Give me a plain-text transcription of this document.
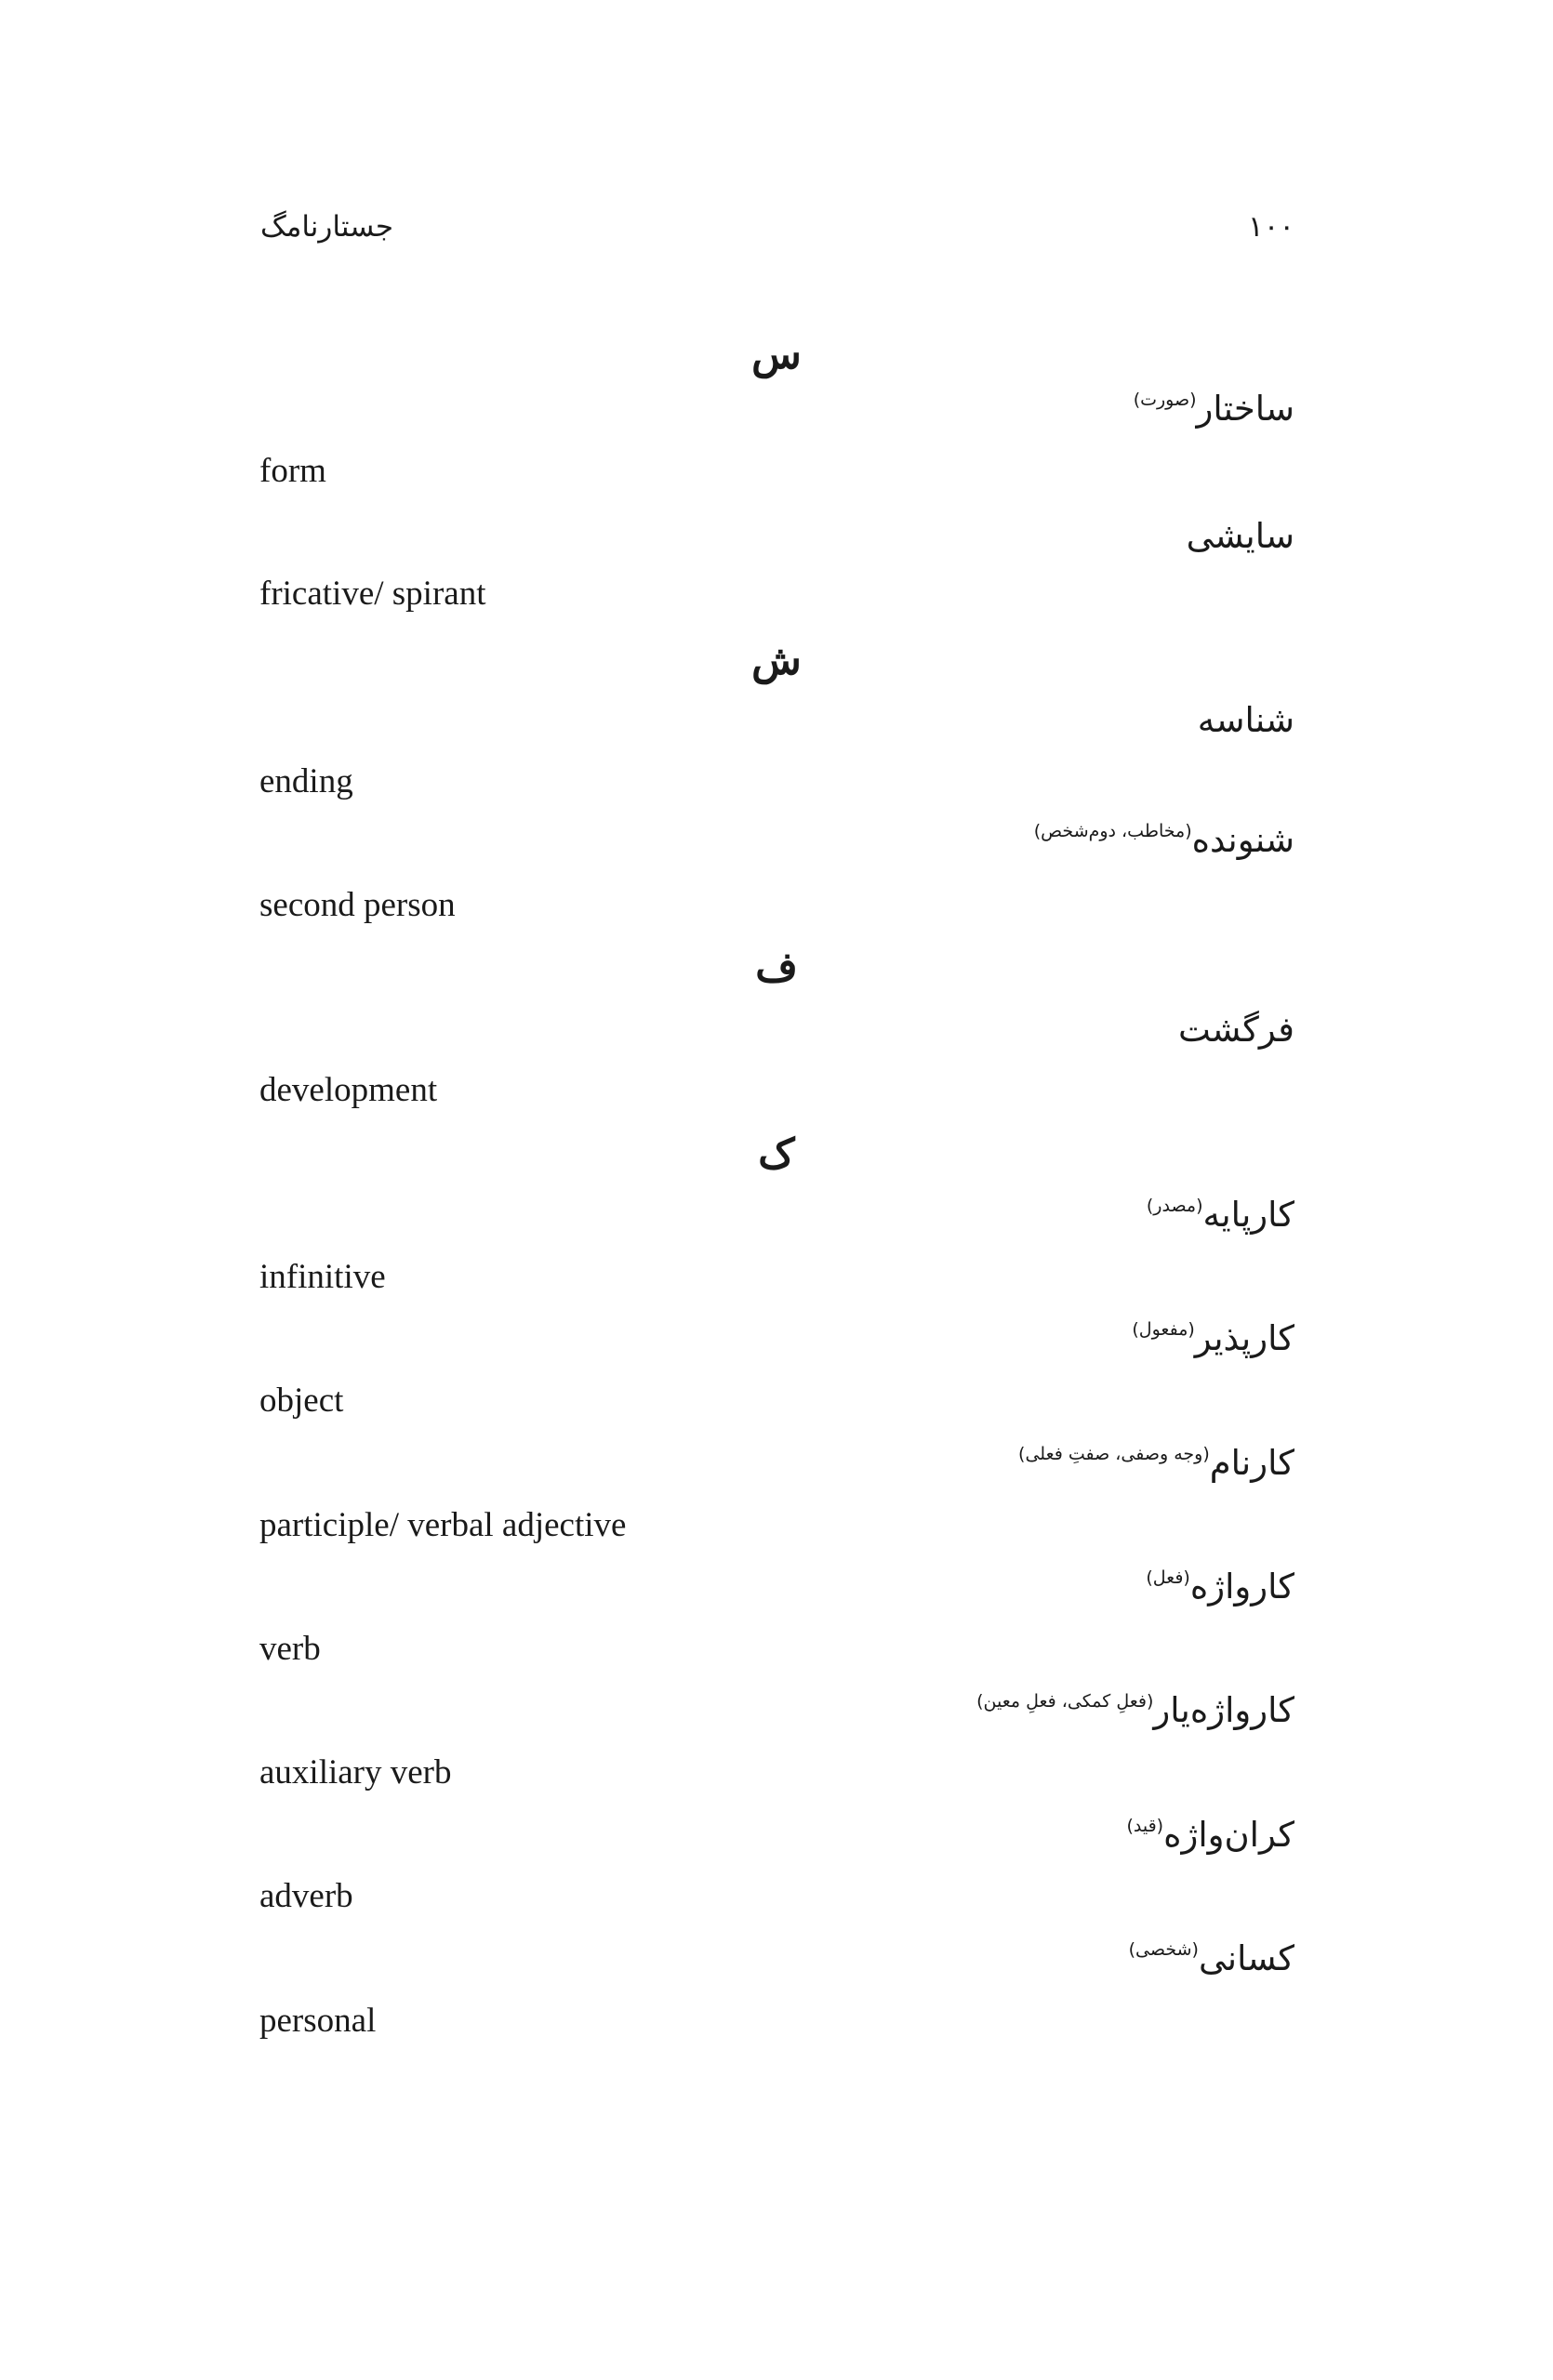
جستارنامگ	۱۰۰
س
ساختار$^{(صورت)}$
form
سایشی
fricative/ spirant
ش
شناسه
ending
شنونده$^{(مخاطب، دوم‌شخص)}$
second person
ف
فرگشت
development
ک
کارپایه$^{(مصدر)}$
infinitive
کارپذیر$^{(مفعول)}$
object
کارنام$^{(وجه وصفی، صفتِ فعلی)}$
participle/ verbal adjective
کارواژه$^{(فعل)}$
verb
کارواژه‌یار$^{(فعلِ کمکی، فعلِ معین)}$
auxiliary verb
کران‌واژه$^{(قید)}$
adverb
کسانی$^{(شخصی)}$
personal
